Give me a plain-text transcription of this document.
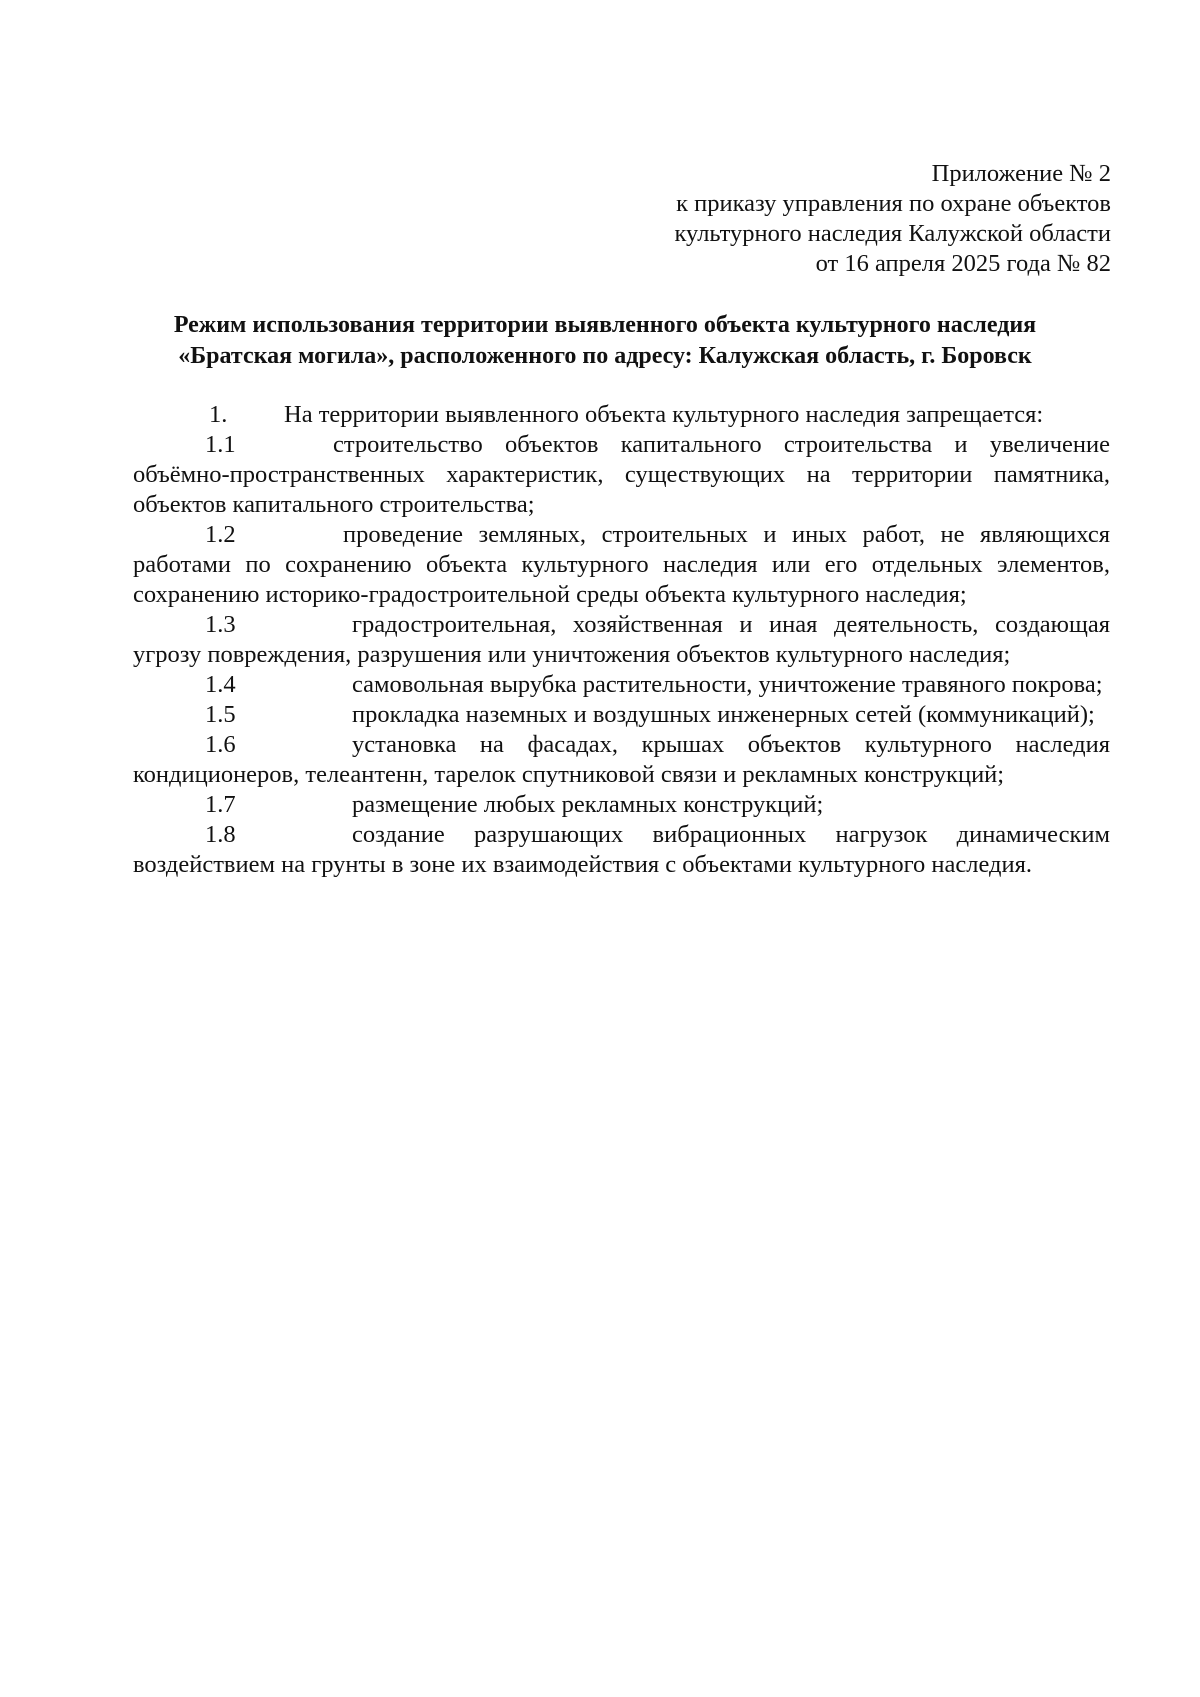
Приложение № 2
к приказу управления по охране объектов
культурного наследия Калужской области
от 16 апреля 2025 года № 82
Режим использования территории выявленного объекта культурного наследия
«Братская могила», расположенного по адресу: Калужская область, г. Боровск
1. На территории выявленного объекта культурного наследия запрещается:
1.1	строительство объектов капитального строительства и увеличение объёмно-пространственных характеристик, существующих на территории памятника, объектов капитального строительства;
1.2	проведение земляных, строительных и иных работ, не являющихся работами по сохранению объекта культурного наследия или его отдельных элементов, сохранению историко-градостроительной среды объекта культурного наследия;
1.3	градостроительная, хозяйственная и иная деятельность, создающая угрозу повреждения, разрушения или уничтожения объектов культурного наследия;
1.4	самовольная вырубка растительности, уничтожение травяного покрова;
1.5	прокладка наземных и воздушных инженерных сетей (коммуникаций);
1.6	установка на фасадах, крышах объектов культурного наследия кондиционеров, телеантенн, тарелок спутниковой связи и рекламных конструкций;
1.7	размещение любых рекламных конструкций;
1.8	создание разрушающих вибрационных нагрузок динамическим воздействием на грунты в зоне их взаимодействия с объектами культурного наследия.
